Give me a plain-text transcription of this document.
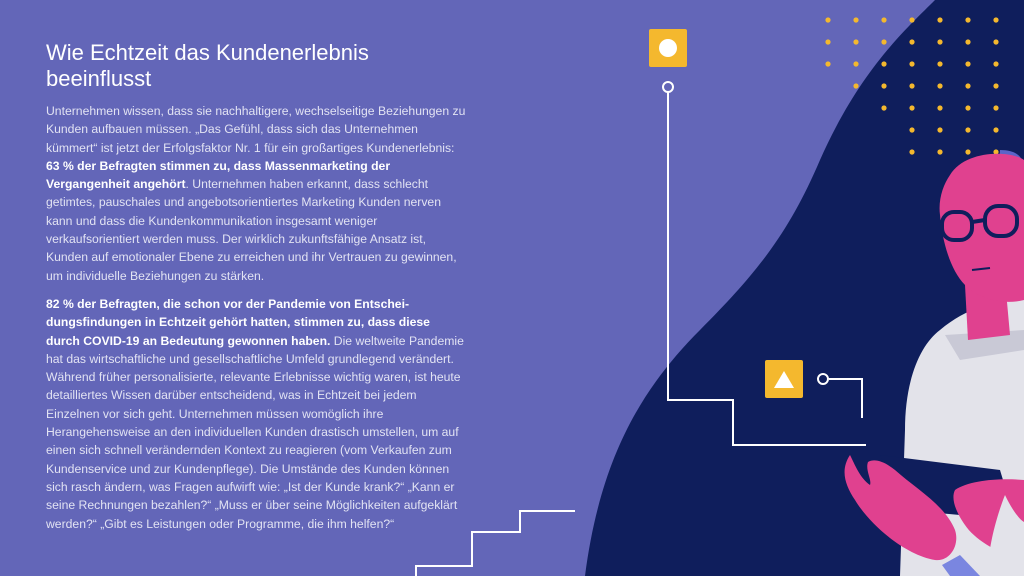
Wie Echtzeit das Kundenerlebnis beeinflusst

Unternehmen wissen, dass sie nachhaltigere, wechselseitige Beziehungen zu Kunden aufbauen müssen. „Das Gefühl, dass sich das Unternehmen kümmert“ ist jetzt der Erfolgsfaktor Nr. 1 für ein großartiges Kundenerlebnis: 63 % der Befragten stimmen zu, dass Massenmarketing der Vergangenheit angehört. Unternehmen haben erkannt, dass schlecht getimtes, pauschales und angebotsorientiertes Marketing Kunden nerven kann und dass die Kundenkommunikation insgesamt weniger verkaufsorientiert werden muss. Der wirklich zukunftsfähige Ansatz ist, Kunden auf emotionaler Ebene zu erreichen und ihr Vertrauen zu gewinnen, um individuelle Beziehungen zu stärken.

82 % der Befragten, die schon vor der Pandemie von Entschei-dungsfindungen in Echtzeit gehört hatten, stimmen zu, dass diese durch COVID-19 an Bedeutung gewonnen haben. Die weltweite Pandemie hat das wirtschaftliche und gesellschaftliche Umfeld grundlegend verändert. Während früher personalisierte, relevante Erlebnisse wichtig waren, ist heute detailliertes Wissen darüber entscheidend, was in Echtzeit bei jedem Einzelnen vor sich geht. Unternehmen müssen womöglich ihre Herangehensweise an den individuellen Kunden drastisch umstellen, um auf einen sich schnell verändernden Kontext zu reagieren (vom Verkaufen zum Kundenservice und zur Kundenpflege). Die Umstände des Kunden können sich rasch ändern, was Fragen aufwirft wie: „Ist der Kunde krank?“ „Kann er seine Rechnungen bezahlen?“ „Muss er über seine Möglichkeiten aufgeklärt werden?“ „Gibt es Leistungen oder Programme, die ihm helfen?“
